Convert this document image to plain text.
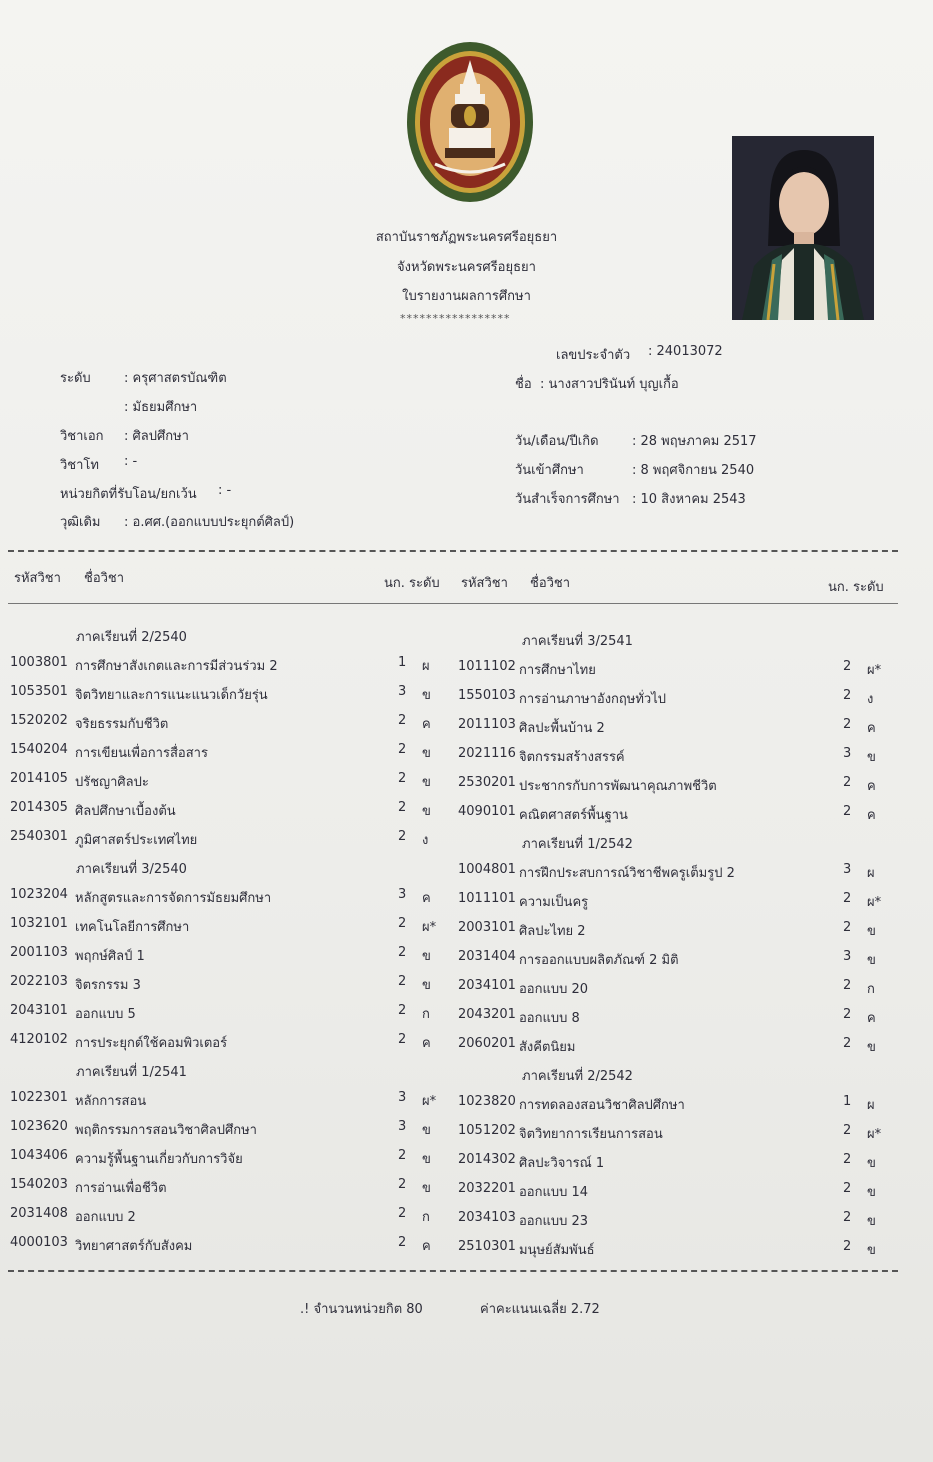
สถาบันราชภัฏพระนครศรีอยุธยา
จังหวัดพระนครศรีอยุธยา
ใบรายงานผลการศึกษา
*****************
เลขประจำตัว : 24013072
ชื่อ : นางสาวปรินันท์ บุญเกื้อ
วัน/เดือน/ปีเกิด	: 28 พฤษภาคม 2517
วันเข้าศึกษา	: 8 พฤศจิกายน 2540
วันสำเร็จการศึกษา : 10 สิงหาคม 2543
ระดับ	: ครุศาสตรบัณฑิต
: มัธยมศึกษา
วิชาเอก : ศิลปศึกษา
วิชาโท : -
หน่วยกิตที่รับโอน/ยกเว้น : -
วุฒิเดิม : อ.ศศ.(ออกแบบประยุกต์ศิลป์)
รหัสวิชา ชื่อวิชา	นก. ระดับ รหัสวิชา ชื่อวิชา	นก. ระดับ
ภาคเรียนที่ 2/2540
1003801 การศึกษาสังเกตและการมีส่วนร่วม 2	1 ผ
1053501 จิตวิทยาและการแนะแนวเด็กวัยรุ่น	3 ข
1520202 จริยธรรมกับชีวิต	2 ค
1540204 การเขียนเพื่อการสื่อสาร	2 ข
2014105 ปรัชญาศิลปะ	2 ข
2014305 ศิลปศึกษาเบื้องต้น	2 ข
2540301 ภูมิศาสตร์ประเทศไทย	2 ง
ภาคเรียนที่ 3/2540
1023204 หลักสูตรและการจัดการมัธยมศึกษา	3 ค
1032101 เทคโนโลยีการศึกษา	2 ผ*
2001103 พฤกษ์ศิลป์ 1	2 ข
2022103 จิตรกรรม 3	2 ข
2043101 ออกแบบ 5	2 ก
4120102 การประยุกต์ใช้คอมพิวเตอร์	2 ค
ภาคเรียนที่ 1/2541
1022301 หลักการสอน	3 ผ*
1023620 พฤติกรรมการสอนวิชาศิลปศึกษา	3 ข
1043406 ความรู้พื้นฐานเกี่ยวกับการวิจัย	2 ข
1540203 การอ่านเพื่อชีวิต	2 ข
2031408 ออกแบบ 2	2 ก
4000103 วิทยาศาสตร์กับสังคม	2 ค
ภาคเรียนที่ 3/2541
1011102 การศึกษาไทย	2 ผ*
1550103 การอ่านภาษาอังกฤษทั่วไป	2 ง
2011103 ศิลปะพื้นบ้าน 2	2 ค
2021116 จิตกรรมสร้างสรรค์	3 ข
2530201 ประชากรกับการพัฒนาคุณภาพชีวิต	2 ค
4090101 คณิตศาสตร์พื้นฐาน	2 ค
ภาคเรียนที่ 1/2542
1004801 การฝึกประสบการณ์วิชาชีพครูเต็มรูป 2	3 ผ
1011101 ความเป็นครู	2 ผ*
2003101 ศิลปะไทย 2	2 ข
2031404 การออกแบบผลิตภัณฑ์ 2 มิติ	3 ข
2034101 ออกแบบ 20	2 ก
2043201 ออกแบบ 8	2 ค
2060201 สังคีตนิยม	2 ข
ภาคเรียนที่ 2/2542
1023820 การทดลองสอนวิชาศิลปศึกษา	1 ผ
1051202 จิตวิทยาการเรียนการสอน	2 ผ*
2014302 ศิลปะวิจารณ์ 1	2 ข
2032201 ออกแบบ 14	2 ข
2034103 ออกแบบ 23	2 ข
2510301 มนุษย์สัมพันธ์	2 ข
.! จำนวนหน่วยกิต 80	ค่าคะแนนเฉลี่ย 2.72
